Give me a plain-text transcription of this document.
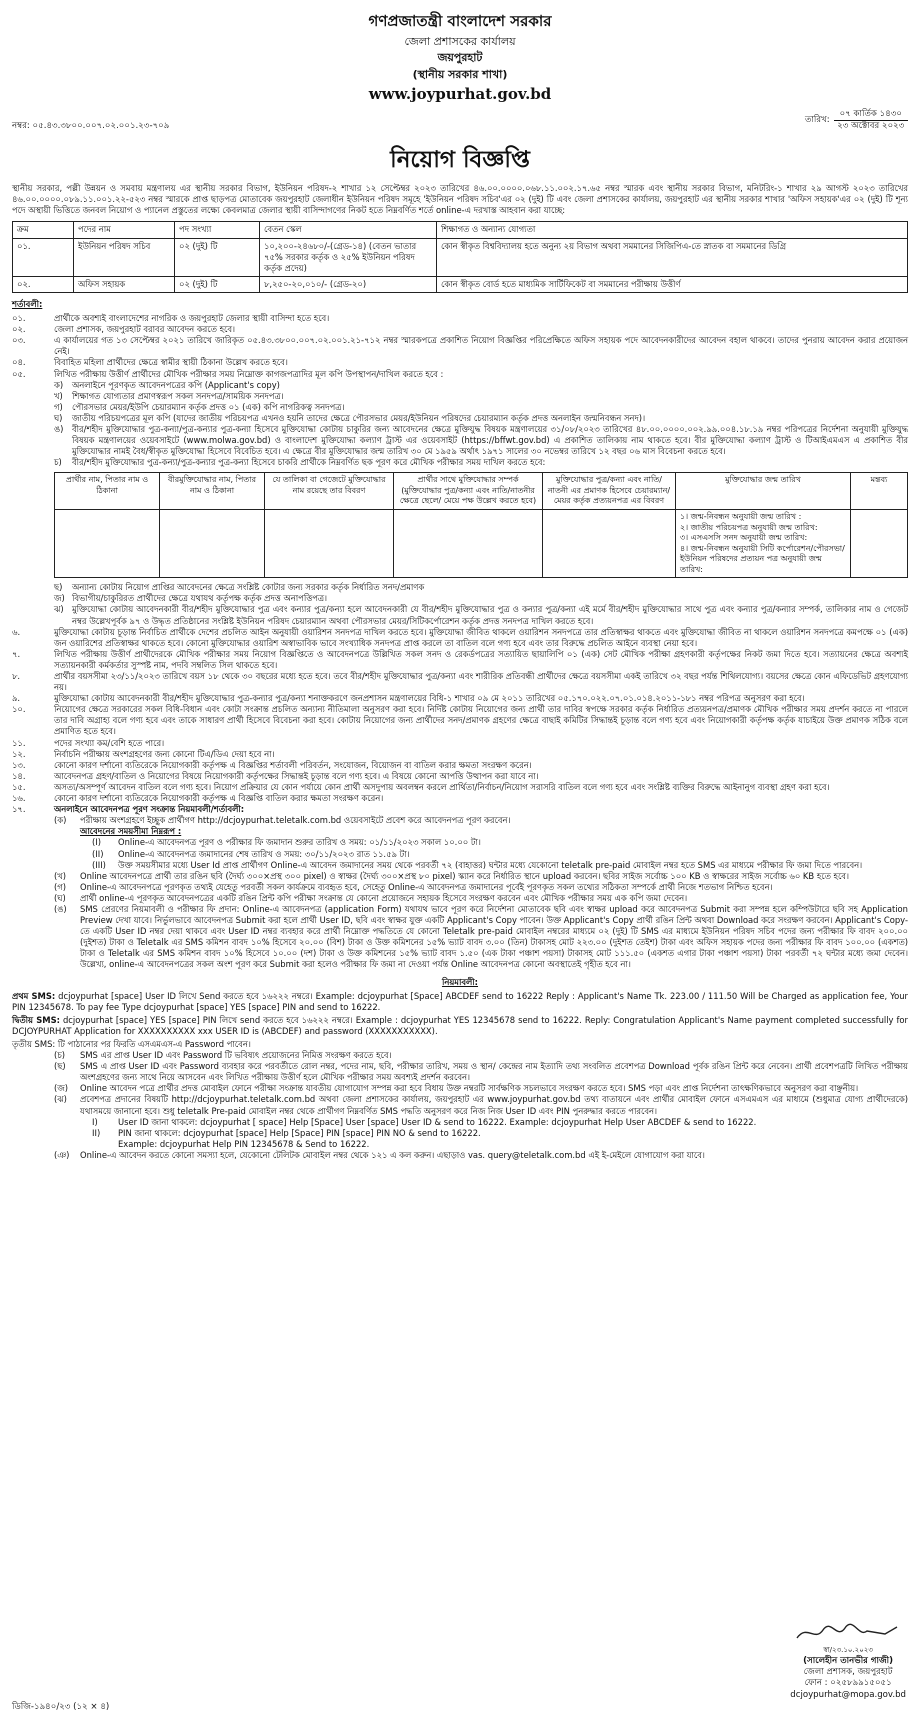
গণপ্রজাতন্ত্রী বাংলাদেশ সরকার
জেলা প্রশাসকের কার্যালয়
জয়পুরহাট
(স্থানীয় সরকার শাখা)
www.joypurhat.gov.bd
নম্বর: ০৫.৪৩.৩৮০০.০০৭.০২.০০১.২৩-৭০৯
তারিখ:
০৭ কার্তিক ১৪৩০
২৩ অক্টোবর ২০২৩
নিয়োগ বিজ্ঞপ্তি
স্থানীয় সরকার, পল্লী উন্নয়ন ও সমবায় মন্ত্রণালয় এর স্থানীয় সরকার বিভাগ, ইউনিয়ন পরিষদ-২ শাখার ১২ সেপ্টেম্বর ২০২৩ তারিখের ৪৬.০০.০০০০.০৬৮.১১.০০২.১৭.৬৫ নম্বর স্মারক এবং স্থানীয় সরকার বিভাগ, মনিটরিং-১ শাখার ২৯ আগস্ট ২০২৩ তারিখের ৪৬.০০.০০০০.০৮৯.১১.০০১.২২-৫২৩ নম্বর স্মারকে প্রাপ্ত ছাড়পত্র মোতাবেক জয়পুরহাট জেলাধীন ইউনিয়ন পরিষদ সমূহে 'ইউনিয়ন পরিষদ সচিব'এর ০২ (দুই) টি এবং জেলা প্রশাসকের কার্যালয়, জয়পুরহাট এর স্থানীয় সরকার শাখার 'অফিস সহায়ক'এর ০২ (দুই) টি শূন্য পদে অস্থায়ী ভিত্তিতে জনবল নিয়োগ ও প্যানেল প্রস্তুতের লক্ষ্যে কেবলমাত্র জেলার স্থায়ী বাসিন্দাগণের নিকট হতে নিম্নবর্ণিত শর্তে online-এ দরখাস্ত আহবান করা যাচ্ছে:
ক্রম	পদের নাম	পদ সংখ্যা	বেতন স্কেল	শিক্ষাগত ও অন্যান্য যোগ্যতা
০১.	ইউনিয়ন পরিষদ সচিব	০২ (দুই) টি	১০,২০০-২৪৬৮০/-(গ্রেড-১৪) (বেতন ভাতার ৭৫% সরকার কর্তৃক ও ২৫% ইউনিয়ন পরিষদ কর্তৃক প্রদেয়)	কোন স্বীকৃত বিশ্ববিদ্যালয় হতে অনুন্য ২য় বিভাগ অথবা সমমানের সিজিপিএ-তে স্নাতক বা সমমানের ডিগ্রি
০২.	অফিস সহায়ক	০২ (দুই) টি	৮,২৫০-২০,০১০/- (গ্রেড-২০)	কোন স্বীকৃত বোর্ড হতে মাধ্যমিক সার্টিফিকেট বা সমমানের পরীক্ষায় উত্তীর্ণ
শর্তাবলী:
০১.	প্রার্থীকে অবশ্যই বাংলাদেশের নাগরিক ও জয়পুরহাট জেলার স্থায়ী বাসিন্দা হতে হবে।
০২.	জেলা প্রশাসক, জয়পুরহাট বরাবর আবেদন করতে হবে।
০৩.	এ কার্যালয়ের গত ১৩ সেপ্টেম্বর ২০২১ তারিখে জারিকৃত ০৫.৪৩.৩৮০০.০০৭.০২.০০১.২১-৭১২ নম্বর স্মারকপত্রে প্রকাশিত নিয়োগ বিজ্ঞপ্তির পরিপ্রেক্ষিতে অফিস সহায়ক পদে আবেদনকারীদের আবেদন বহাল থাকবে। তাদের পুনরায় আবেদন করার প্রয়োজন নেই।
০৪.	বিবাহিত মহিলা প্রার্থীদের ক্ষেত্রে স্বামীর স্থায়ী ঠিকানা উল্লেখ করতে হবে।
০৫.	লিখিত পরীক্ষায় উত্তীর্ণ প্রার্থীদের মৌখিক পরীক্ষার সময় নিম্নোক্ত কাগজপত্রাদির মূল কপি উপস্থাপন/দাখিল করতে হবে :
ক)	অনলাইনে পূরণকৃত আবেদনপত্রের কপি (Applicant's copy)
খ)	শিক্ষাগত যোগ্যতার প্রমাণস্বরূপ সকল সনদপত্র/সাময়িক সনদপত্র।
গ)	পৌরসভার মেয়র/ইউপি চেয়ারম্যান কর্তৃক প্রদত্ত ০১ (এক) কপি নাগরিকত্ব সনদপত্র।
ঘ)	জাতীয় পরিচয়পত্রের মূল কপি (যাদের জাতীয় পরিচয়পত্র এখনও হয়নি তাদের ক্ষেত্রে পৌরসভার মেয়র/ইউনিয়ন পরিষদের চেয়ারম্যান কর্তৃক প্রদত্ত অনলাইন জন্মনিবন্ধন সনদ)।
ঙ)	বীর/শহীদ মুক্তিযোদ্ধার পুত্র-কন্যা/পুত্র-কন্যার পুত্র-কন্যা হিসেবে মুক্তিযোদ্ধা কোটায় চাকুরির জন্য আবেদনের ক্ষেত্রে মুক্তিযুদ্ধ বিষয়ক মন্ত্রণালয়ের ৩১/০৮/২০২৩ তারিখের ৪৮.০০.০০০০.০০২.৯৯.০০৪.১৮.১৯ নম্বর পরিপত্রের নির্দেশনা অনুযায়ী মুক্তিযুদ্ধ বিষয়ক মন্ত্রণালয়ের ওয়েবসাইটে (www.molwa.gov.bd) ও বাংলাদেশ মুক্তিযোদ্ধা কল্যাণ ট্রাস্ট এর ওয়েবসাইট (https://bffwt.gov.bd) এ প্রকাশিত তালিকায় নাম থাকতে হবে। বীর মুক্তিযোদ্ধা কল্যাণ ট্রাস্ট ও টিআইএমএস এ প্রকাশিত বীর মুক্তিযোদ্ধার নামই বৈধ/স্বীকৃত মুক্তিযোদ্ধা হিসেবে বিবেচিত হবে। এ ক্ষেত্রে বীর মুক্তিযোদ্ধার জন্ম তারিখ ৩০ মে ১৯৫৯ অর্থাৎ ১৯৭১ সালের ৩০ নভেম্বর তারিখে ১২ বছর ০৬ মাস বিবেচনা করতে হবে।
চ)	বীর/শহীদ মুক্তিযোদ্ধার পুত্র-কন্যা/পুত্র-কন্যার পুত্র-কন্যা হিসেবে চাকরি প্রার্থীকে নিম্নবর্ণিত ছক পূরণ করে মৌখিক পরীক্ষার সময় দাখিল করতে হবে:
প্রার্থীর নাম, পিতার নাম ও ঠিকানা	বীরমুক্তিযোদ্ধার নাম, পিতার নাম ও ঠিকানা	যে তালিকা বা গেজেটে মুক্তিযোদ্ধার নাম রয়েছে তার বিবরণ	প্রার্থীর সাথে মুক্তিযোদ্ধার সম্পর্ক (মুক্তিযোদ্ধার পুত্র/কন্যা এবং নাতি/নাতনীর ক্ষেত্রে ছেলে/ মেয়ে পক্ষ উল্লেখ করতে হবে)	মুক্তিযোদ্ধার পুত্র/কন্যা এবং নাতি/নাতনী এর প্রমাণক হিসেবে চেয়ারম্যান/ মেয়র কর্তৃক প্রত্যয়নপত্র এর বিবরণ	মুক্তিযোদ্ধার জন্ম তারিখ	মন্তব্য

					১। জন্ম-নিবন্ধন অনুযায়ী জন্ম তারিখ :
২। জাতীয় পরিচয়পত্র অনুযায়ী জন্ম তারিখ:
৩। এসএসসি সনদ অনুযায়ী জন্ম তারিখ:
৪। জন্ম-নিবন্ধন অনুযায়ী সিটি কর্পোরেশন/পৌরসভা/ইউনিয়ন পরিষদের প্রত্যয়ন পত্র অনুযায়ী জন্ম তারিখ:	

ছ)	অন্যান্য কোটায় নিয়োগ প্রাপ্তির আবেদনের ক্ষেত্রে সংশ্লিষ্ট কোটার জন্য সরকার কর্তৃক নির্ধারিত সনদ/প্রমাণক
জ) বিভাগীয়/চাকুরিরত প্রার্থীদের ক্ষেত্রে যথাযথ কর্তৃপক্ষ কর্তৃক প্রদত্ত অনাপত্তিপত্র।
ঝ) মুক্তিযোদ্ধা কোটায় আবেদনকারী বীর/শহীদ মুক্তিযোদ্ধার পুত্র এবং কন্যার পুত্র/কন্যা হলে আবেদনকারী যে বীর/শহীদ মুক্তিযোদ্ধার পুত্র ও কন্যার পুত্র/কন্যা এই মর্মে বীর/শহীদ মুক্তিযোদ্ধার সাথে পুত্র এবং কন্যার পুত্র/কন্যার সম্পর্ক, তালিকার নাম ও গেজেট নম্বর উল্লেখপূর্বক ৯৭ ও উদ্ধৃত প্রতিষ্ঠানের সংশ্লিষ্ট ইউনিয়ন পরিষদ চেয়ারম্যান অথবা পৌরসভার মেয়র/সিটিকর্পোরেশন কর্তৃক প্রদত্ত সনদপত্র দাখিল করতে হবে।
৬.	মুক্তিযোদ্ধা কোটায় চূড়ান্ত নির্বাচিত প্রার্থীকে দেশের প্রচলিত আইন অনুযায়ী ওয়ারিশন সনদপত্র দাখিল করতে হবে। মুক্তিযোদ্ধা জীবিত থাকলে ওয়ারিশন সনদপত্রে তার প্রতিস্বাক্ষর থাকতে এবং মুক্তিযোদ্ধা জীবিত না থাকলে ওয়ারিশন সনদপত্রে কমপক্ষে ০১ (এক) জন ওয়ারিশের প্রতিস্বাক্ষর থাকতে হবে। কোনো মুক্তিযোদ্ধার ওয়ারিশ অস্বাভাবিক ভাবে সংখ্যাধিক সনদপত্র প্রাপ্ত করলে তা বাতিল বলে গণ্য হবে এবং তার বিরুদ্ধে প্রচলিত আইনে ব্যবস্থা নেয়া হবে।
৭.	লিখিত পরীক্ষায় উত্তীর্ণ প্রার্থীদেরকে মৌখিক পরীক্ষার সময় নিয়োগ বিজ্ঞপ্তিতে ও আবেদনপত্রে উল্লিখিত সকল সনদ ও রেকর্ডপত্রের সত্যায়িত ছায়ালিপি ০১ (এক) সেট মৌখিক পরীক্ষা গ্রহণকারী কর্তৃপক্ষের নিকট জমা দিতে হবে। সত্যায়নের ক্ষেত্রে অবশ্যই সত্যায়নকারী কর্মকর্তার সুস্পষ্ট নাম, পদবি সম্বলিত সিল থাকতে হবে।
৮.	প্রার্থীর বয়সসীমা ২৩/১১/২০২৩ তারিখে বয়স ১৮ থেকে ৩০ বছরের মধ্যে হতে হবে। তবে বীর/শহীদ মুক্তিযোদ্ধার পুত্র/কন্যা এবং শারীরিক প্রতিবন্ধী প্রার্থীদের ক্ষেত্রে বয়সসীমা একই তারিখে ৩২ বছর পর্যন্ত শিথিলযোগ্য। বয়সের ক্ষেত্রে কোন এফিডেভিট গ্রহণযোগ্য নয়।
৯.	মুক্তিযোদ্ধা কোটায় আবেদনকারী বীর/শহীদ মুক্তিযোদ্ধার পুত্র-কন্যার পুত্র/কন্যা শনাক্তকরণে জনপ্রশাসন মন্ত্রণালয়ের বিধি-১ শাখার ০৯ মে ২০১১ তারিখের ০৫.১৭০.০২২.০৭.০১.০১৪.২০১১-১৮১ নম্বর পরিপত্র অনুসরণ করা হবে।
১০.	নিয়োগের ক্ষেত্রে সরকারের সকল বিধি-বিধান এবং কোটা সংক্রান্ত প্রচলিত অন্যান্য নীতিমালা অনুসরণ করা হবে। নির্দিষ্ট কোটায় নিয়োগের জন্য প্রার্থী তার দাবির স্বপক্ষে সরকার কর্তৃক নির্ধারিত প্রত্যয়নপত্র/প্রমাণক মৌখিক পরীক্ষার সময় প্রদর্শন করতে না পারলে তার দাবি অগ্রাহ্য বলে গণ্য হবে এবং তাকে সাধারণ প্রার্থী হিসেবে বিবেচনা করা হবে। কোটায় নিয়োগের জন্য প্রার্থীদের সনদ/প্রমাণক গ্রহণের ক্ষেত্রে বাছাই কমিটির সিদ্ধান্তই চূড়ান্ত বলে গণ্য হবে এবং নিয়োগকারী কর্তৃপক্ষ কর্তৃক যাচাইয়ে উক্ত প্রমাণক সঠিক বলে প্রমাণিত হতে হবে।
১১.	পদের সংখ্যা কম/বেশি হতে পারে।
১২.	নির্বাচনি পরীক্ষায় অংশগ্রহণের জন্য কোনো টিএ/ডিএ দেয়া হবে না।
১৩.	কোনো কারণ দর্শানো ব্যতিরেকে নিয়োগকারী কর্তৃপক্ষ এ বিজ্ঞপ্তির শর্তাবলী পরিবর্তন, সংযোজন, বিয়োজন বা বাতিল করার ক্ষমতা সংরক্ষণ করেন।
১৪.	আবেদনপত্র গ্রহণ/বাতিল ও নিয়োগের বিষয়ে নিয়োগকারী কর্তৃপক্ষের সিদ্ধান্তই চূড়ান্ত বলে গণ্য হবে। এ বিষয়ে কোনো আপত্তি উত্থাপন করা যাবে না।
১৫.	অসত্য/অসম্পূর্ণ আবেদন বাতিল বলে গণ্য হবে। নিয়োগ প্রক্রিয়ার যে কোন পর্যায়ে কোন প্রার্থী অসদুপায় অবলম্বন করলে প্রার্থিতা/নির্বাচন/নিয়োগ সরাসরি বাতিল বলে গণ্য হবে এবং সংশ্লিষ্ট ব্যক্তির বিরুদ্ধে আইনানুগ ব্যবস্থা গ্রহণ করা হবে।
১৬.	কোনো কারণ দর্শানো ব্যতিরেকে নিয়োগকারী কর্তৃপক্ষ এ বিজ্ঞপ্তি বাতিল করার ক্ষমতা সংরক্ষণ করেন।
১৭.	অনলাইনে আবেদনপত্র পূরণ সংক্রান্ত নিয়মাবলী/শর্তাবলী:
(ক)	পরীক্ষায় অংশগ্রহণে ইচ্ছুক প্রার্থীগণ http://dcjoypurhat.teletalk.com.bd ওয়েবসাইটে প্রবেশ করে আবেদনপত্র পূরণ করবেন।
আবেদনের সময়সীমা নিম্নরূপ :
(I)	Online-এ আবেদনপত্র পূরণ ও পরীক্ষার ফি জমাদান শুরুর তারিখ ও সময়: ০১/১১/২০২৩ সকাল ১০.০০ টা।
(II)	Online-এ আবেদনপত্র জমাদানের শেষ তারিখ ও সময়: ৩০/১১/২০২৩ রাত ১১.৫৯ টা।
(III)	উক্ত সময়সীমার মধ্যে User Id প্রাপ্ত প্রার্থীগণ Online-এ আবেদন জমাদানের সময় থেকে পরবর্তী ৭২ (বাহাত্তর) ঘন্টার মধ্যে যেকোনো teletalk pre-paid মোবাইল নম্বর হতে SMS এর মাধ্যমে পরীক্ষার ফি জমা দিতে পারবেন।
(খ)	Online আবেদনপত্রে প্রার্থী তার রঙিন ছবি (দৈর্ঘ্য ৩০০×প্রস্থ ৩০০ pixel) ও স্বাক্ষর (দৈর্ঘ্য ৩০০×প্রস্থ ৮০ pixel) স্ক্যান করে নির্ধারিত স্থানে upload করবেন। ছবির সাইজ সর্বোচ্চ ১০০ KB ও স্বাক্ষরের সাইজ সর্বোচ্চ ৬০ KB হতে হবে।
(গ)	Online-এ আবেদনপত্রে পূরণকৃত তথ্যই যেহেতু পরবর্তী সকল কার্যক্রমে ব্যবহৃত হবে, সেহেতু Online-এ আবেদনপত্র জমাদানের পূর্বেই পূরণকৃত সকল তথ্যের সঠিকতা সম্পর্কে প্রার্থী নিজে শতভাগ নিশ্চিত হবেন।
(ঘ)	প্রার্থী online-এ পূরণকৃত আবেদনপত্রের একটি রঙিন প্রিন্ট কপি পরীক্ষা সংক্রান্ত যে কোনো প্রয়োজনে সহায়ক হিসেবে সংরক্ষণ করবেন এবং মৌখিক পরীক্ষার সময় এক কপি জমা দেবেন।
(ঙ)	SMS প্রেরণের নিয়মাবলী ও পরীক্ষার ফি প্রদান: Online-এ আবেদনপত্র (application Form) যথাযথ ভাবে পূরণ করে নির্দেশনা মোতাবেক ছবি এবং স্বাক্ষর upload করে আবেদনপত্র Submit করা সম্পন্ন হলে কম্পিউটারে ছবি সহ Application Preview দেখা যাবে। নির্ভুলভাবে আবেদনপত্র Submit করা হলে প্রার্থী User ID, ছবি এবং স্বাক্ষর যুক্ত একটি Applicant's Copy পাবেন। উক্ত Applicant's Copy প্রার্থী রঙিন প্রিন্ট অথবা Download করে সংরক্ষণ করবেন। Applicant's Copy-তে একটি User ID নম্বর দেয়া থাকবে এবং User ID নম্বর ব্যবহার করে প্রার্থী নিম্নোক্ত পদ্ধতিতে যে কোনো Teletalk pre-paid মোবাইল নম্বরের মাধ্যমে ০২ (দুই) টি SMS এর মাধ্যমে ইউনিয়ন পরিষদ সচিব পদের জন্য পরীক্ষার ফি বাবদ ২০০.০০ (দুইশত) টাকা ও Teletalk এর SMS কমিশন বাবদ ১০% হিসেবে ২০.০০ (বিশ) টাকা ও উক্ত কমিশনের ১৫% ভ্যাট বাবদ ৩.০০ (তিন) টাকাসহ মোট ২২৩.০০ (দুইশত তেইশ) টাকা এবং অফিস সহায়ক পদের জন্য পরীক্ষার ফি বাবদ ১০০.০০ (একশত) টাকা ও Teletalk এর SMS কমিশন বাবদ ১০% হিসেবে ১০.০০ (দশ) টাকা ও উক্ত কমিশনের ১৫% ভ্যাট বাবদ ১.৫০ (এক টাকা পঞ্চাশ পয়সা) টাকাসহ মোট ১১১.৫০ (একশত এগার টাকা পঞ্চাশ পয়সা) টাকা পরবর্তী ৭২ ঘন্টার মধ্যে জমা দেবেন। উল্লেখ্য, online-এ আবেদনপত্রের সকল অংশ পূরণ করে Submit করা হলেও পরীক্ষার ফি জমা না দেওয়া পর্যন্ত Online আবেদনপত্র কোনো অবস্থাতেই গৃহীত হবে না।
নিয়মাবলী:
প্রথম SMS: dcjoypurhat [space] User ID লিখে Send করতে হবে ১৬২২২ নম্বরে। Example: dcjoypurhat [Space] ABCDEF send to 16222 Reply : Applicant's Name Tk. 223.00 / 111.50 Will be Charged as application fee, Your PIN 12345678. To pay fee Type dcjoypurhat [space] YES [space] PIN and send to 16222.
দ্বিতীয় SMS: dcjoypurhat [space] YES [space] PIN লিখে send করতে হবে ১৬২২২ নম্বরে। Example : dcjoypurhat YES 12345678 send to 16222. Reply: Congratulation Applicant's Name payment completed successfully for DCJOYPURHAT Application for XXXXXXXXXX xxx USER ID is (ABCDEF) and password (XXXXXXXXXXX).
তৃতীয় SMS: টি পাঠানোর পর ফিরতি এসএমএস-এ Password পাবেন।
(চ)	SMS এর প্রাপ্ত User ID এবং Password টি ভবিষ্যৎ প্রয়োজনের নিমিত্ত সংরক্ষণ করতে হবে।
(ছ)	SMS এ প্রাপ্ত User ID এবং Password ব্যবহার করে পরবর্তীতে রোল নম্বর, পদের নাম, ছবি, পরীক্ষার তারিখ, সময় ও স্থান/ কেন্দ্রের নাম ইত্যাদি তথ্য সংবলিত প্রবেশপত্র Download পূর্বক রঙিন প্রিন্ট করে নেবেন। প্রার্থী প্রবেশপত্রটি লিখিত পরীক্ষায় অংশগ্রহণের জন্য সাথে নিয়ে আসবেন এবং লিখিত পরীক্ষায় উত্তীর্ণ হলে মৌখিক পরীক্ষার সময় অবশ্যই প্রদর্শন করবেন।
(জ)	Online আবেদন পত্রে প্রার্থীর প্রদত্ত মোবাইল ফোনে পরীক্ষা সংক্রান্ত যাবতীয় যোগাযোগ সম্পন্ন করা হবে বিধায় উক্ত নম্বরটি সার্বক্ষণিক সচলভাবে সংরক্ষণ করতে হবে। SMS পড়া এবং প্রাপ্ত নির্দেশনা তাৎক্ষণিকভাবে অনুসরণ করা বাঞ্ছনীয়।
(ঝ)	প্রবেশপত্র প্রদানের বিষয়টি http://dcjoypurhat.teletalk.com.bd অথবা জেলা প্রশাসকের কার্যালয়, জয়পুরহাট এর www.joypurhat.gov.bd তথ্য বাতায়নে এবং প্রার্থীর মোবাইল ফোনে এসএমএস এর মাধ্যমে (শুধুমাত্র যোগ্য প্রার্থীদেরকে) যথাসময়ে জানানো হবে। শুধু teletalk Pre-paid মোবাইল নম্বর থেকে প্রার্থীগণ নিম্নবর্ণিত SMS পদ্ধতি অনুসরণ করে নিজ নিজ User ID এবং PIN পুনরুদ্ধার করতে পারবেন।
I)	User ID জানা থাকলে: dcjoypurhat [ space] Help [Space] User [space] User ID & send to 16222. Example: dcjoypurhat Help User ABCDEF & send to 16222.
II)	PIN জানা থাকলে: dcjoypurhat [space] Help [Space] PIN [space] PIN NO & send to 16222.
Example: dcjoypurhat Help PIN 12345678 & Send to 16222.
(ঞ)	Online-এ আবেদন করতে কোনো সমস্যা হলে, যেকোনো টেলিটক মোবাইল নম্বর থেকে ১২১ এ কল করুন। এছাড়াও vas. query@teletalk.com.bd এই ই-মেইলে যোগাযোগ করা যাবে।
স্বা/২৩.১০.২০২৩
(সালেহীন তানভীর গাজী)
জেলা প্রশাসক, জয়পুরহাট
ফোন : ০২৫৮৯৯১৫০৫১
dcjoypurhat@mopa.gov.bd
ডিজি-১৯৪০/২৩ (১২ × ৪)
